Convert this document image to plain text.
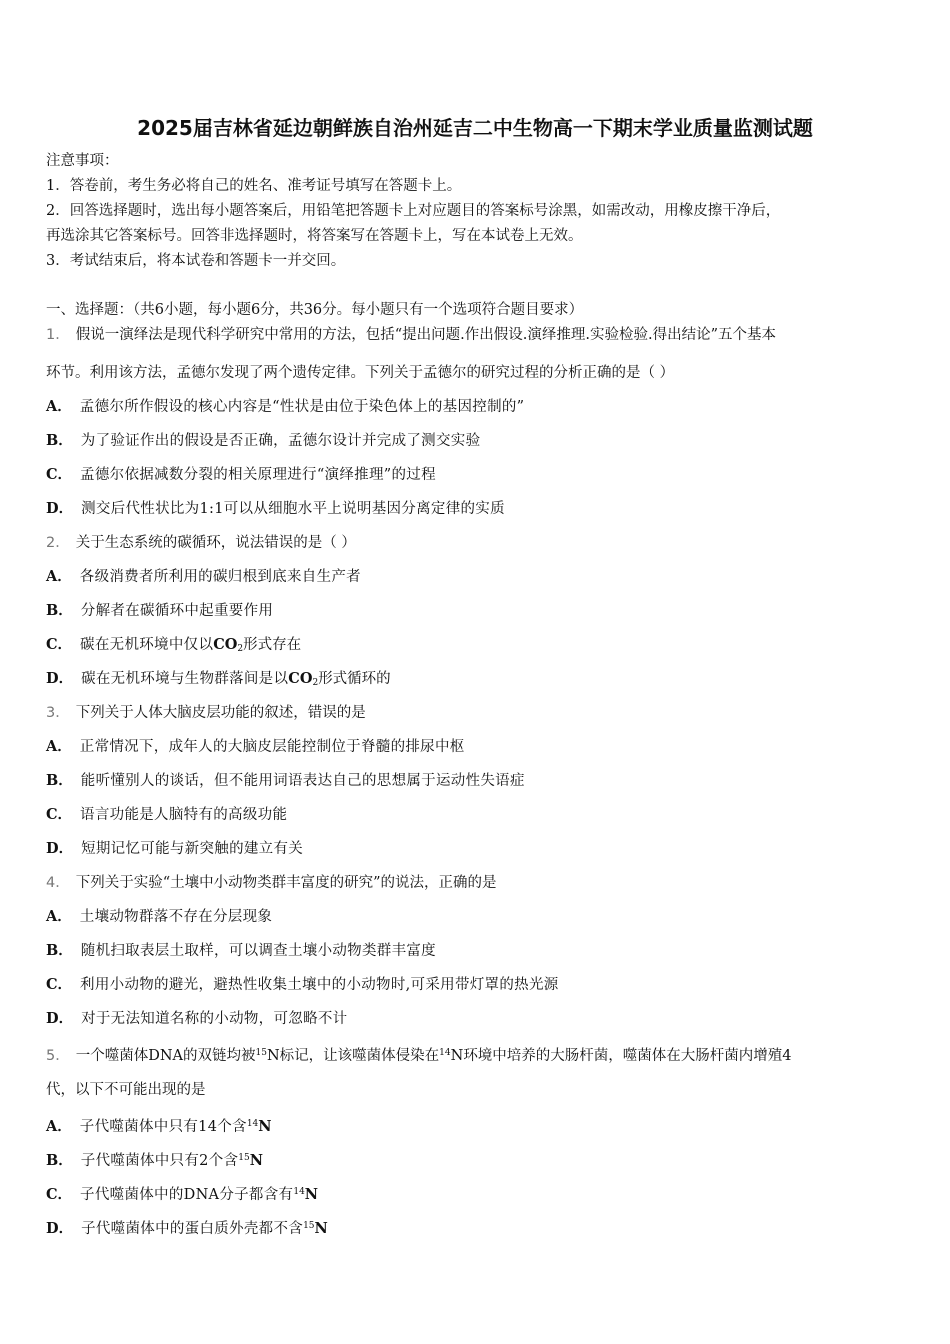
2025届吉林省延边朝鲜族自治州延吉二中生物高一下期末学业质量监测试题
注意事项：
1．答卷前，考生务必将自己的姓名、准考证号填写在答题卡上。
2．回答选择题时，选出每小题答案后，用铅笔把答题卡上对应题目的答案标号涂黑，如需改动，用橡皮擦干净后，
再选涂其它答案标号。回答非选择题时，将答案写在答题卡上，写在本试卷上无效。
3．考试结束后，将本试卷和答题卡一并交回。
一、选择题：（共6小题，每小题6分，共36分。每小题只有一个选项符合题目要求）
1． 假说一演绎法是现代科学研究中常用的方法，包括“提出问题.作出假设.演绎推理.实验检验.得出结论”五个基本
环节。利用该方法，孟德尔发现了两个遗传定律。下列关于孟德尔的研究过程的分析正确的是（ ）
A． 孟德尔所作假设的核心内容是“性状是由位于染色体上的基因控制的”
B． 为了验证作出的假设是否正确，孟德尔设计并完成了测交实验
C． 孟德尔依据减数分裂的相关原理进行“演绎推理”的过程
D． 测交后代性状比为1:1可以从细胞水平上说明基因分离定律的实质
2． 关于生态系统的碳循环，说法错误的是（ ）
A． 各级消费者所利用的碳归根到底来自生产者
B． 分解者在碳循环中起重要作用
C． 碳在无机环境中仅以$CO_2$形式存在
D． 碳在无机环境与生物群落间是以$CO_2$形式循环的
3． 下列关于人体大脑皮层功能的叙述，错误的是
A． 正常情况下，成年人的大脑皮层能控制位于脊髓的排尿中枢
B． 能听懂别人的谈话，但不能用词语表达自己的思想属于运动性失语症
C． 语言功能是人脑特有的高级功能
D． 短期记忆可能与新突触的建立有关
4． 下列关于实验“土壤中小动物类群丰富度的研究”的说法，正确的是
A． 土壤动物群落不存在分层现象
B． 随机扫取表层土取样，可以调查土壤小动物类群丰富度
C． 利用小动物的避光，避热性收集土壤中的小动物时,可采用带灯罩的热光源
D． 对于无法知道名称的小动物，可忽略不计
5． 一个噬菌体DNA的双链均被$^{15}$N标记，让该噬菌体侵染在$^{14}$N环境中培养的大肠杆菌，噬菌体在大肠杆菌内增殖4
代，以下不可能出现的是
A． 子代噬菌体中只有14个含$^{14}$N
B． 子代噬菌体中只有2个含$^{15}$N
C． 子代噬菌体中的DNA分子都含有$^{14}$N
D． 子代噬菌体中的蛋白质外壳都不含$^{15}$N
